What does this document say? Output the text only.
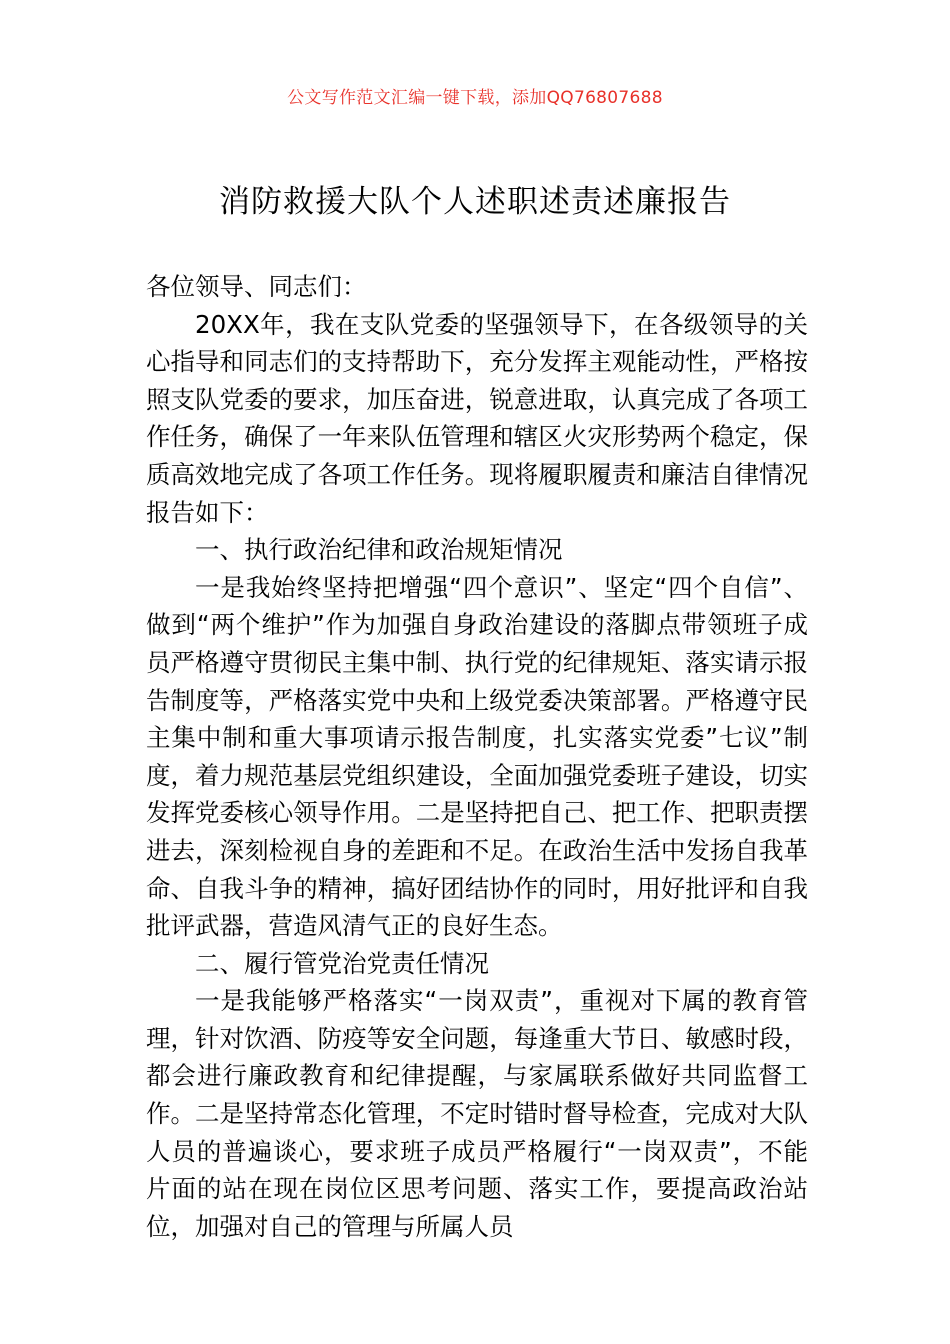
公文写作范文汇编一键下载，添加QQ76807688
消防救援大队个人述职述责述廉报告

各位领导、同志们：

20XX年，我在支队党委的坚强领导下，在各级领导的关心指导和同志们的支持帮助下，充分发挥主观能动性，严格按照支队党委的要求，加压奋进，锐意进取，认真完成了各项工作任务，确保了一年来队伍管理和辖区火灾形势两个稳定，保质高效地完成了各项工作任务。现将履职履责和廉洁自律情况报告如下：

一、执行政治纪律和政治规矩情况

一是我始终坚持把增强“四个意识”、坚定“四个自信”、做到“两个维护”作为加强自身政治建设的落脚点带领班子成员严格遵守贯彻民主集中制、执行党的纪律规矩、落实请示报告制度等，严格落实党中央和上级党委决策部署。严格遵守民主集中制和重大事项请示报告制度，扎实落实党委”七议”制度，着力规范基层党组织建设，全面加强党委班子建设，切实发挥党委核心领导作用。二是坚持把自己、把工作、把职责摆进去，深刻检视自身的差距和不足。在政治生活中发扬自我革命、自我斗争的精神，搞好团结协作的同时，用好批评和自我批评武器，营造风清气正的良好生态。

二、履行管党治党责任情况

一是我能够严格落实“一岗双责”，重视对下属的教育管理，针对饮酒、防疫等安全问题，每逢重大节日、敏感时段，都会进行廉政教育和纪律提醒，与家属联系做好共同监督工作。二是坚持常态化管理，不定时错时督导检查，完成对大队人员的普遍谈心，要求班子成员严格履行“一岗双责”，不能片面的站在现在岗位区思考问题、落实工作，要提高政治站位，加强对自己的管理与所属人员
